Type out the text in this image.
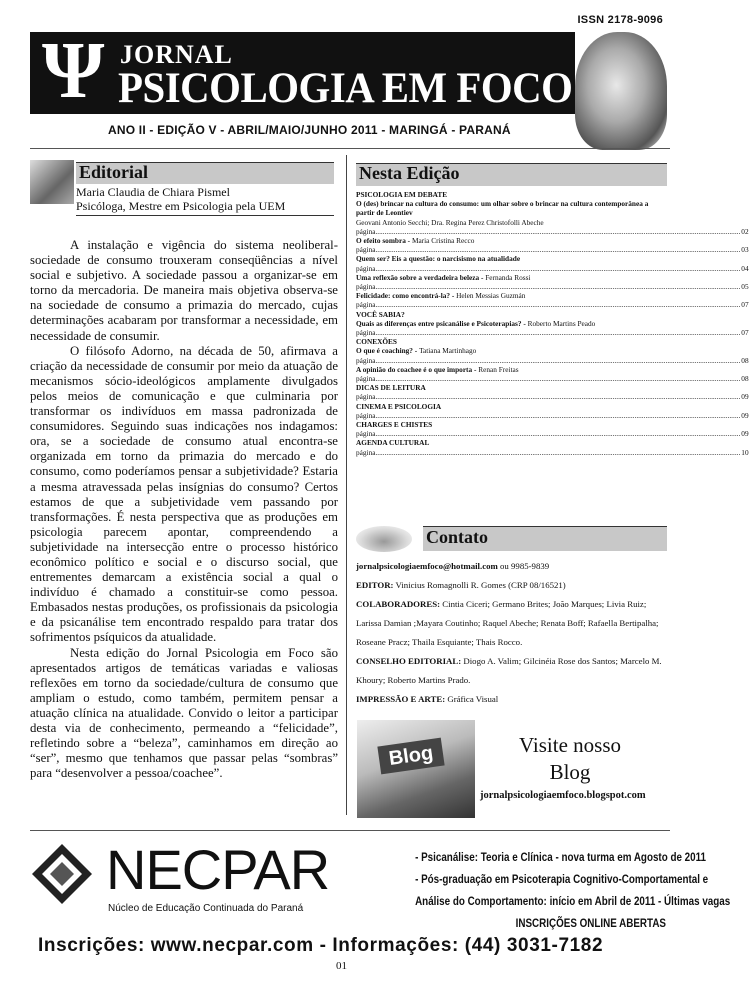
ISSN 2178-9096
Ψ JORNAL
PSICOLOGIA EM FOCO
ANO II - EDIÇÃO V - ABRIL/MAIO/JUNHO 2011 - MARINGÁ - PARANÁ
Editorial
Maria Claudia de Chiara Pismel
Psicóloga, Mestre em Psicologia pela UEM

A instalação e vigência do sistema neoliberal-sociedade de consumo trouxeram conseqüências a nível social e subjetivo. A sociedade passou a organizar-se em torno da mercadoria. De maneira mais objetiva observa-se na sociedade de consumo a primazia do mercado, cujas determinações acabaram por transformar a necessidade, em necessidade de consumir.

O filósofo Adorno, na década de 50, afirmava a criação da necessidade de consumir por meio da atuação de mecanismos sócio-ideológicos amplamente divulgados pelos meios de comunicação e que culminaria por transformar os indivíduos em massa padronizada de consumidores. Seguindo suas indicações nos indagamos: ora, se a sociedade de consumo atual encontra-se organizada em torno da primazia do mercado e do consumo, como poderíamos pensar a subjetividade? Estaria a mesma atravessada pelas insígnias do consumo? Certos estamos de que a subjetividade vem passando por transformações. É nesta perspectiva que as produções em psicologia parecem apontar, compreendendo a subjetividade na intersecção entre o processo histórico econômico político e social e o discurso social, que entrementes demarcam a existência social a qual o indivíduo é chamado a constituir-se como pessoa. Embasados nestas produções, os profissionais da psicologia e da psicanálise tem encontrado respaldo para tratar dos sofrimentos psíquicos da atualidade.

Nesta edição do Jornal Psicologia em Foco são apresentados artigos de temáticas variadas e valiosas reflexões em torno da sociedade/cultura de consumo que ampliam o estudo, como também, permitem pensar a atuação clínica na atualidade. Convido o leitor a participar desta via de conhecimento, permeando a “felicidade”, refletindo sobre a “beleza”, caminhamos em direção ao “ser”, mesmo que tenhamos que passar pelas “sombras” para “desenvolver a pessoa/coachee”.

Nesta Edição
PSICOLOGIA EM DEBATE
O (des) brincar na cultura do consumo: um olhar sobre o brincar na cultura contemporânea a partir de Leontiev
Geovani Antonio Secchi; Dra. Regina Perez Christofolli Abeche
página ........................................................................................................................................................................................................ 02
O efeito sombra - Maria Cristina Recco
página ........................................................................................................................................................................................................ 03
Quem ser? Eis a questão: o narcisismo na atualidade
página ........................................................................................................................................................................................................ 04
Uma reflexão sobre a verdadeira beleza - Fernanda Rossi
página ........................................................................................................................................................................................................ 05
Felicidade: como encontrá-la? - Helen Messias Guzmán
página ........................................................................................................................................................................................................ 07
VOCÊ SABIA?
Quais as diferenças entre psicanálise e Psicoterapias? - Roberto Martins Peado
página ........................................................................................................................................................................................................ 07
CONEXÕES
O que é coaching? - Tatiana Martinhago
página ........................................................................................................................................................................................................ 08
A opinião do coachee é o que importa - Renan Freitas
página ........................................................................................................................................................................................................ 08
DICAS DE LEITURA
página ........................................................................................................................................................................................................ 09
CINEMA E PSICOLOGIA
página ........................................................................................................................................................................................................ 09
CHARGES E CHISTES
página ........................................................................................................................................................................................................ 09
AGENDA CULTURAL
página ........................................................................................................................................................................................................ 10
Contato
jornalpsicologiaemfoco@hotmail.com ou 9985-9839
EDITOR: Vinicius Romagnolli R. Gomes (CRP 08/16521)
COLABORADORES: Cintia Ciceri; Germano Brites; João Marques; Livia Ruiz; Larissa Damian ;Mayara Coutinho; Raquel Abeche; Renata Boff; Rafaella Bertipalha; Roseane Pracz; Thaila Esquiante; Thais Rocco.
CONSELHO EDITORIAL: Diogo A. Valim; Gilcinéia Rose dos Santos; Marcelo M. Khoury; Roberto Martins Prado.
IMPRESSÃO E ARTE: Gráfica Visual
Blog	Visite nosso
Blog
jornalpsicologiaemfoco.blogspot.com
NECPAR
Núcleo de Educação Continuada do Paraná
- Psicanálise: Teoria e Clínica - nova turma em Agosto de 2011
- Pós-graduação em Psicoterapia Cognitivo-Comportamental e
Análise do Comportamento: início em Abril de 2011 - Últimas vagas
INSCRIÇÕES ONLINE ABERTAS
Inscrições: www.necpar.com - Informações: (44) 3031-7182
01
